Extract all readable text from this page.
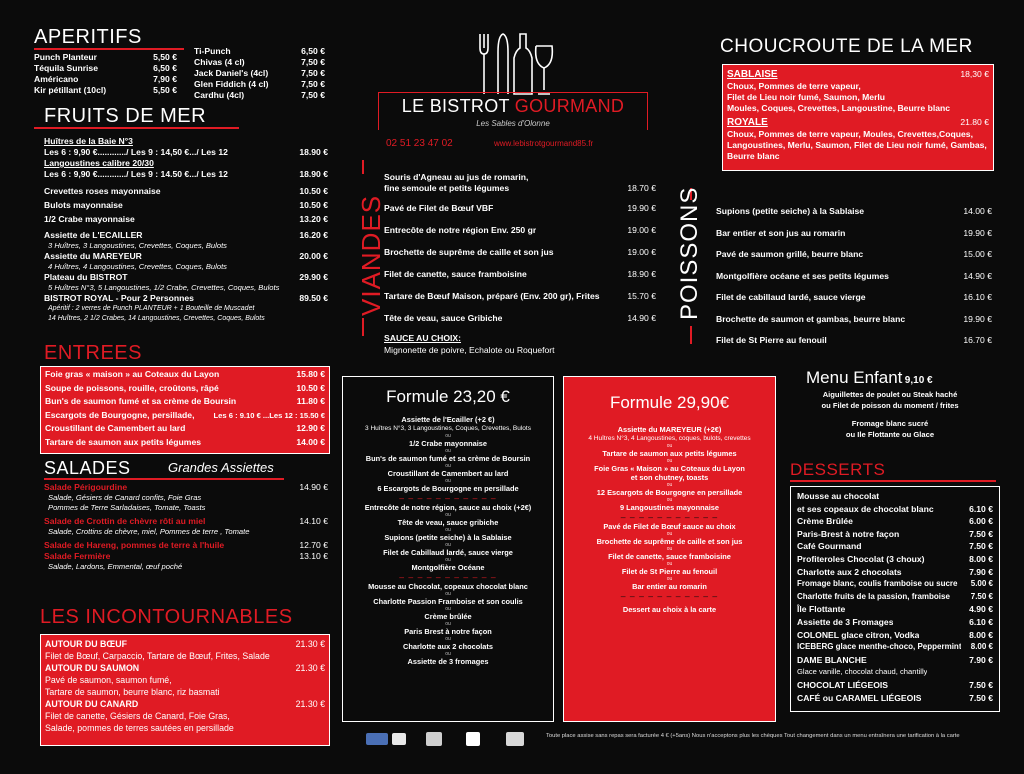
APERITIFS
Punch Planteur	5,50 €
Téquila Sunrise	6,50 €
Américano	7,90 €
Kir pétillant (10cl)	5,50 €
Ti-Punch	6,50 €
Chivas (4 cl)	7,50 €
Jack Daniel's (4cl)	7,50 €
Glen Fiddich (4 cl)	7,50 €
Cardhu (4cl)	7,50 €
FRUITS DE MER
Huîtres de la Baie N°3
Les 6 : 9,90 €............/ Les 9 : 14,50 €.../ Les 12	18.90 €
Langoustines calibre 20/30
Les 6 : 9,90 €............/ Les 9 : 14.50 €.../ Les 12	18.90 €
Crevettes roses mayonnaise	10.50 €
Bulots mayonnaise	10.50 €
1/2 Crabe mayonnaise	13.20 €
Assiette de L'ECAILLER	16.20 €
3 Huîtres, 3 Langoustines, Crevettes, Coques, Bulots
Assiette du MAREYEUR	20.00 €
4 Huîtres, 4 Langoustines, Crevettes, Coques, Bulots
Plateau du BISTROT	29.90 €
5 Huîtres N°3, 5 Langoustines, 1/2 Crabe, Crevettes, Coques, Bulots
BISTROT ROYAL - Pour 2 Personnes	89.50 €
Apéritif : 2 verres de Punch PLANTEUR + 1 Bouteille de Muscadet
14 Huîtres, 2 1/2 Crabes, 14 Langoustines, Crevettes, Coques, Bulots
ENTREES
Foie gras « maison » au Coteaux du Layon	15.80 €
Soupe de poissons, rouille, croûtons, râpé	10.50 €
Bun's de saumon fumé et sa crème de Boursin	11.80 €
Escargots de Bourgogne, persillade,	Les 6 : 9.10 € ...Les 12 : 15.50 €
Croustillant de Camembert au lard	12.90 €
Tartare de saumon aux petits légumes	14.00 €
SALADES	Grandes Assiettes
Salade Périgourdine	14.90 €
Salade, Gésiers de Canard confits, Foie Gras
Pommes de Terre Sarladaises, Tomate, Toasts
Salade de Crottin de chèvre rôti au miel	14.10 €
Salade, Crottins de chèvre, miel, Pommes de terre , Tomate
Salade de Hareng, pommes de terre à l'huile	12.70 €
Salade Fermière	13.10 €
Salade, Lardons, Emmental, œuf poché
LES INCONTOURNABLES
AUTOUR DU BŒUF	21.30 €
Filet de Bœuf, Carpaccio, Tartare de Bœuf, Frites, Salade
AUTOUR DU SAUMON	21.30 €
Pavé de saumon, saumon fumé,
Tartare de saumon, beurre blanc, riz basmati
AUTOUR DU CANARD	21.30 €
Filet de canette, Gésiers de Canard, Foie Gras,
Salade, pommes de terres sautées en persillade
LE BISTROT GOURMAND
Les Sables d'Olonne
02 51 23 47 02	www.lebistrotgourmand85.fr
VIANDES
Souris d'Agneau au jus de romarin,
fine semoule et petits légumes	18.70 €
Pavé de Filet de Bœuf VBF	19.90 €
Entrecôte de notre région Env. 250 gr	19.00 €
Brochette de suprême de caille et son jus	19.00 €
Filet de canette, sauce framboisine	18.90 €
Tartare de Bœuf Maison, préparé (Env. 200 gr), Frites	15.70 €
Tête de veau, sauce Gribiche	14.90 €
SAUCE AU CHOIX:
Mignonette de poivre, Echalote ou Roquefort
CHOUCROUTE DE LA MER
SABLAISE	18,30 €
Choux, Pommes de terre vapeur,
Filet de Lieu noir fumé, Saumon, Merlu
Moules, Coques, Crevettes, Langoustine, Beurre blanc
ROYALE	21.80 €
Choux, Pommes de terre vapeur, Moules, Crevettes,Coques,
Langoustines, Merlu, Saumon, Filet de Lieu noir fumé, Gambas,
Beurre blanc
POISSONS Supions (petite seiche) à la Sablaise	14.00 €
Bar entier et son jus au romarin	19.90 €
Pavé de saumon grillé, beurre blanc	15.00 €
Montgolfière océane et ses petits légumes	14.90 €
Filet de cabillaud lardé, sauce vierge	16.10 €
Brochette de saumon et gambas, beurre blanc	19.90 €
Filet de St Pierre au fenouil	16.70 €
Formule 23,20 €
Assiette de l'Ecailler (+2 €)
3 Huîtres N°3, 3 Langoustines, Coques, Crevettes, Bulots
ou
1/2 Crabe mayonnaise
ou
Bun's de saumon fumé et sa crème de Boursin
ou
Croustillant de Camembert au lard
ou
6 Escargots de Bourgogne en persillade
– – – – – – – – – – –
Entrecôte de notre région, sauce au choix (+2€)
ou
Tête de veau, sauce gribiche
ou
Supions (petite seiche) à la Sablaise
ou
Filet de Cabillaud lardé, sauce vierge
ou
Montgolfière Océane
– – – – – – – – – – –
Mousse au Chocolat, copeaux chocolat blanc
ou
Charlotte Passion Framboise et son coulis
ou
Crème brûlée
ou
Paris Brest à notre façon
ou
Charlotte aux 2 chocolats
ou
Assiette de 3 fromages
Formule 29,90€
Assiette du MAREYEUR (+2€)
4 Huîtres N°3, 4 Langoustines, coques, bulots, crevettes
ou
Tartare de saumon aux petits légumes
ou
Foie Gras « Maison » au Coteaux du Layon
et son chutney, toasts
ou
12 Escargots de Bourgogne en persillade
ou
9 Langoustines mayonnaise
– – – – – – – – – – –
Pavé de Filet de Bœuf sauce au choix
ou
Brochette de suprême de caille et son jus
ou
Filet de canette, sauce framboisine
ou
Filet de St Pierre au fenouil
ou
Bar entier au romarin
– – – – – – – – – – –
Dessert au choix à la carte
Menu Enfant 9,10 €
Aiguillettes de poulet ou Steak haché
ou Filet de poisson du moment / frites
Fromage blanc sucré
ou Ile Flottante ou Glace
DESSERTS
Mousse au chocolat
et ses copeaux de chocolat blanc	6.10 €
Crème Brûlée	6.00 €
Paris-Brest à notre façon	7.50 €
Café Gourmand	7.50 €
Profiteroles Chocolat (3 choux)	8.00 €
Charlotte aux 2 chocolats	7.90 €
Fromage blanc, coulis framboise ou sucre 5.00 €
Charlotte fruits de la passion, framboise	7.50 €
Île Flottante	4.90 €
Assiette de 3 Fromages	6.10 €
COLONEL glace citron, Vodka	8.00 €
ICEBERG glace menthe-choco, Peppermint 8.00 €
DAME BLANCHE	7.90 €
Glace vanille, chocolat chaud, chantilly
CHOCOLAT LIÉGEOIS	7.50 €
CAFÉ ou CARAMEL LIÉGEOIS	7.50 €
Toute place assise sans repas sera facturée 4 € (+5ans) Nous n'acceptons plus les chèques Tout changement dans un menu entraînera une tarification à la carte
